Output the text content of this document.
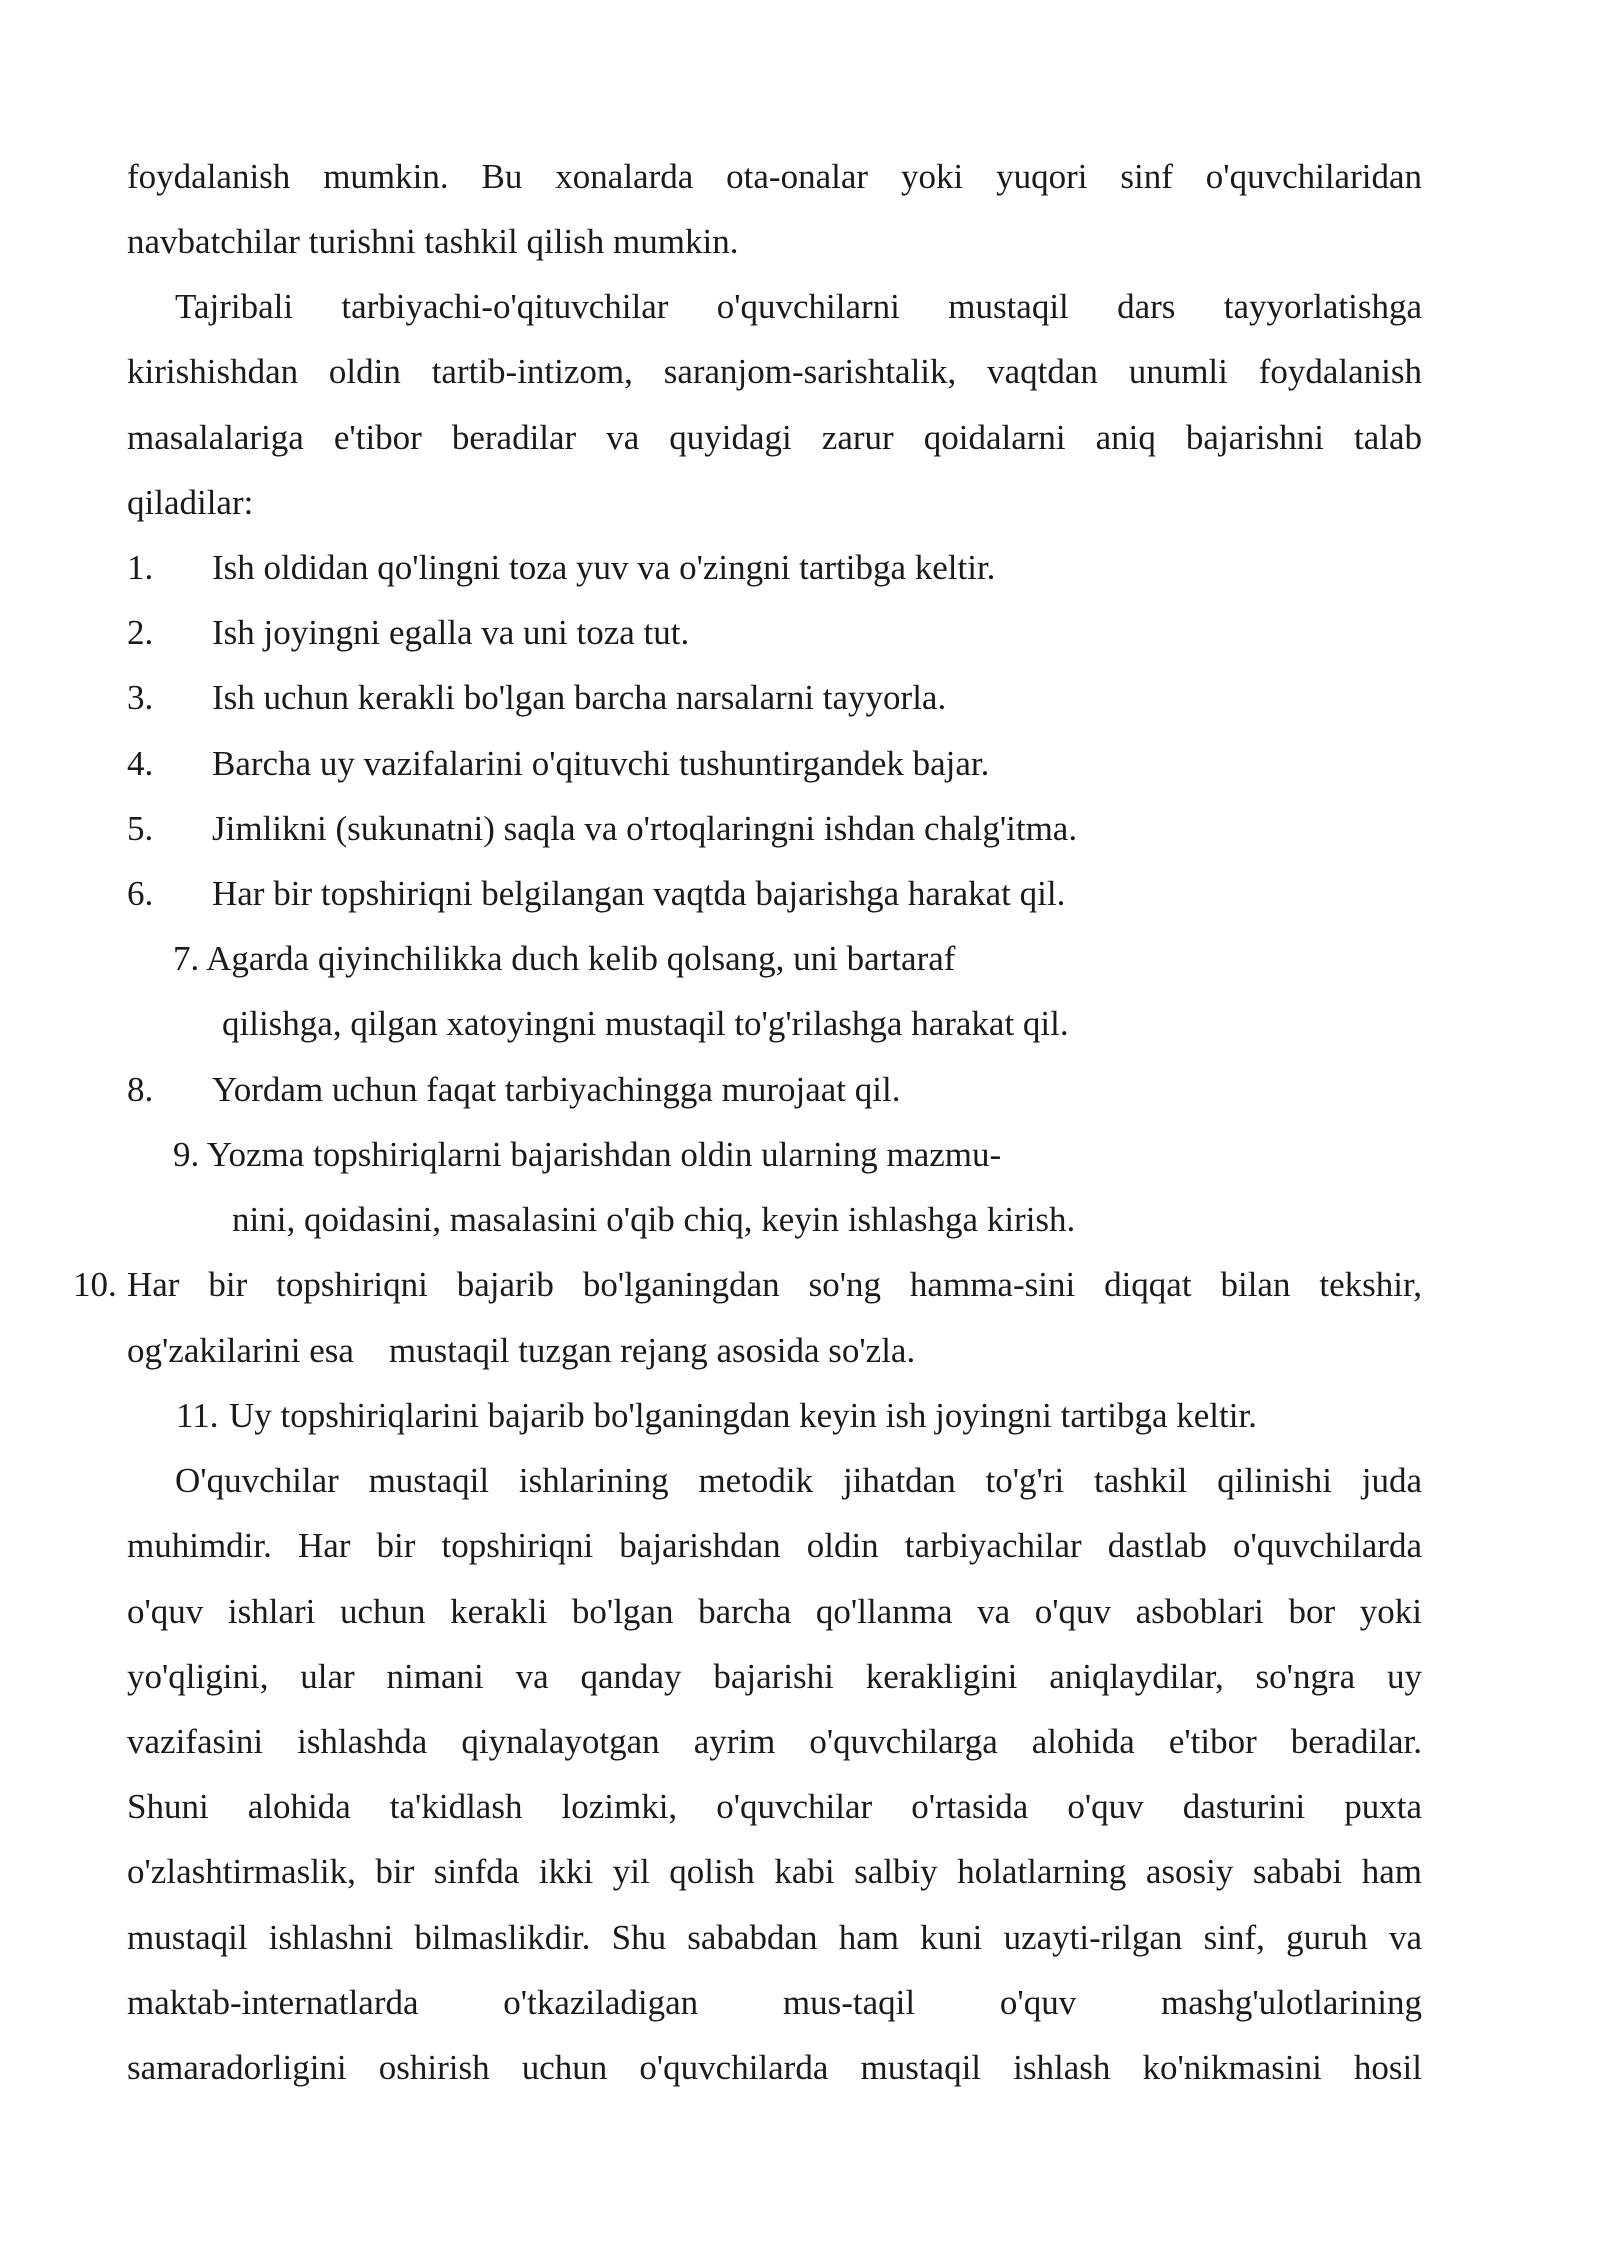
foydalanish mumkin. Bu xonalarda ota-onalar yoki yuqori sinf o'quvchilaridan
navbatchilar turishni tashkil qilish mumkin.
Tajribali tarbiyachi-o'qituvchilar o'quvchilarni mustaqil dars tayyorlatishga
kirishishdan oldin tartib-intizom, saranjom-sarishtalik, vaqtdan unumli foydalanish
masalalariga e'tibor beradilar va quyidagi zarur qoidalarni aniq bajarishni talab
qiladilar:
1. Ish oldidan qo'lingni toza yuv va o'zingni tartibga keltir.
2. Ish joyingni egalla va uni toza tut.
3. Ish uchun kerakli bo'lgan barcha narsalarni tayyorla.
4. Barcha uy vazifalarini o'qituvchi tushuntirgandek bajar.
5. Jimlikni (sukunatni) saqla va o'rtoqlaringni ishdan chalg'itma.
6. Har bir topshiriqni belgilangan vaqtda bajarishga harakat qil.
7. Agarda qiyinchilikka duch kelib qolsang, uni bartaraf
qilishga, qilgan xatoyingni mustaqil to'g'rilashga harakat qil.
8. Yordam uchun faqat tarbiyachingga murojaat qil.
9. Yozma topshiriqlarni bajarishdan oldin ularning mazmu-
nini, qoidasini, masalasini o'qib chiq, keyin ishlashga kirish.
10. Har bir topshiriqni bajarib bo'lganingdan so'ng hamma-sini diqqat bilan tekshir,
og'zakilarini esa    mustaqil tuzgan rejang asosida so'zla.
11. Uy topshiriqlarini bajarib bo'lganingdan keyin ish joyingni tartibga keltir.
O'quvchilar mustaqil ishlarining metodik jihatdan to'g'ri tashkil qilinishi juda
muhimdir. Har bir topshiriqni bajarishdan oldin tarbiyachilar dastlab o'quvchilarda
o'quv ishlari uchun kerakli bo'lgan barcha qo'llanma va o'quv asboblari bor yoki
yo'qligini, ular nimani va qanday bajarishi kerakligini aniqlaydilar, so'ngra uy
vazifasini ishlashda qiynalayotgan ayrim o'quvchilarga alohida e'tibor beradilar.
Shuni alohida ta'kidlash lozimki, o'quvchilar o'rtasida o'quv dasturini puxta
o'zlashtirmaslik, bir sinfda ikki yil qolish kabi salbiy holatlarning asosiy sababi ham
mustaqil ishlashni bilmaslikdir. Shu sababdan ham kuni uzayti-rilgan sinf, guruh va
maktab-internatlarda o'tkaziladigan mus-taqil o'quv mashg'ulotlarining
samaradorligini oshirish uchun o'quvchilarda mustaqil ishlash ko'nikmasini hosil
